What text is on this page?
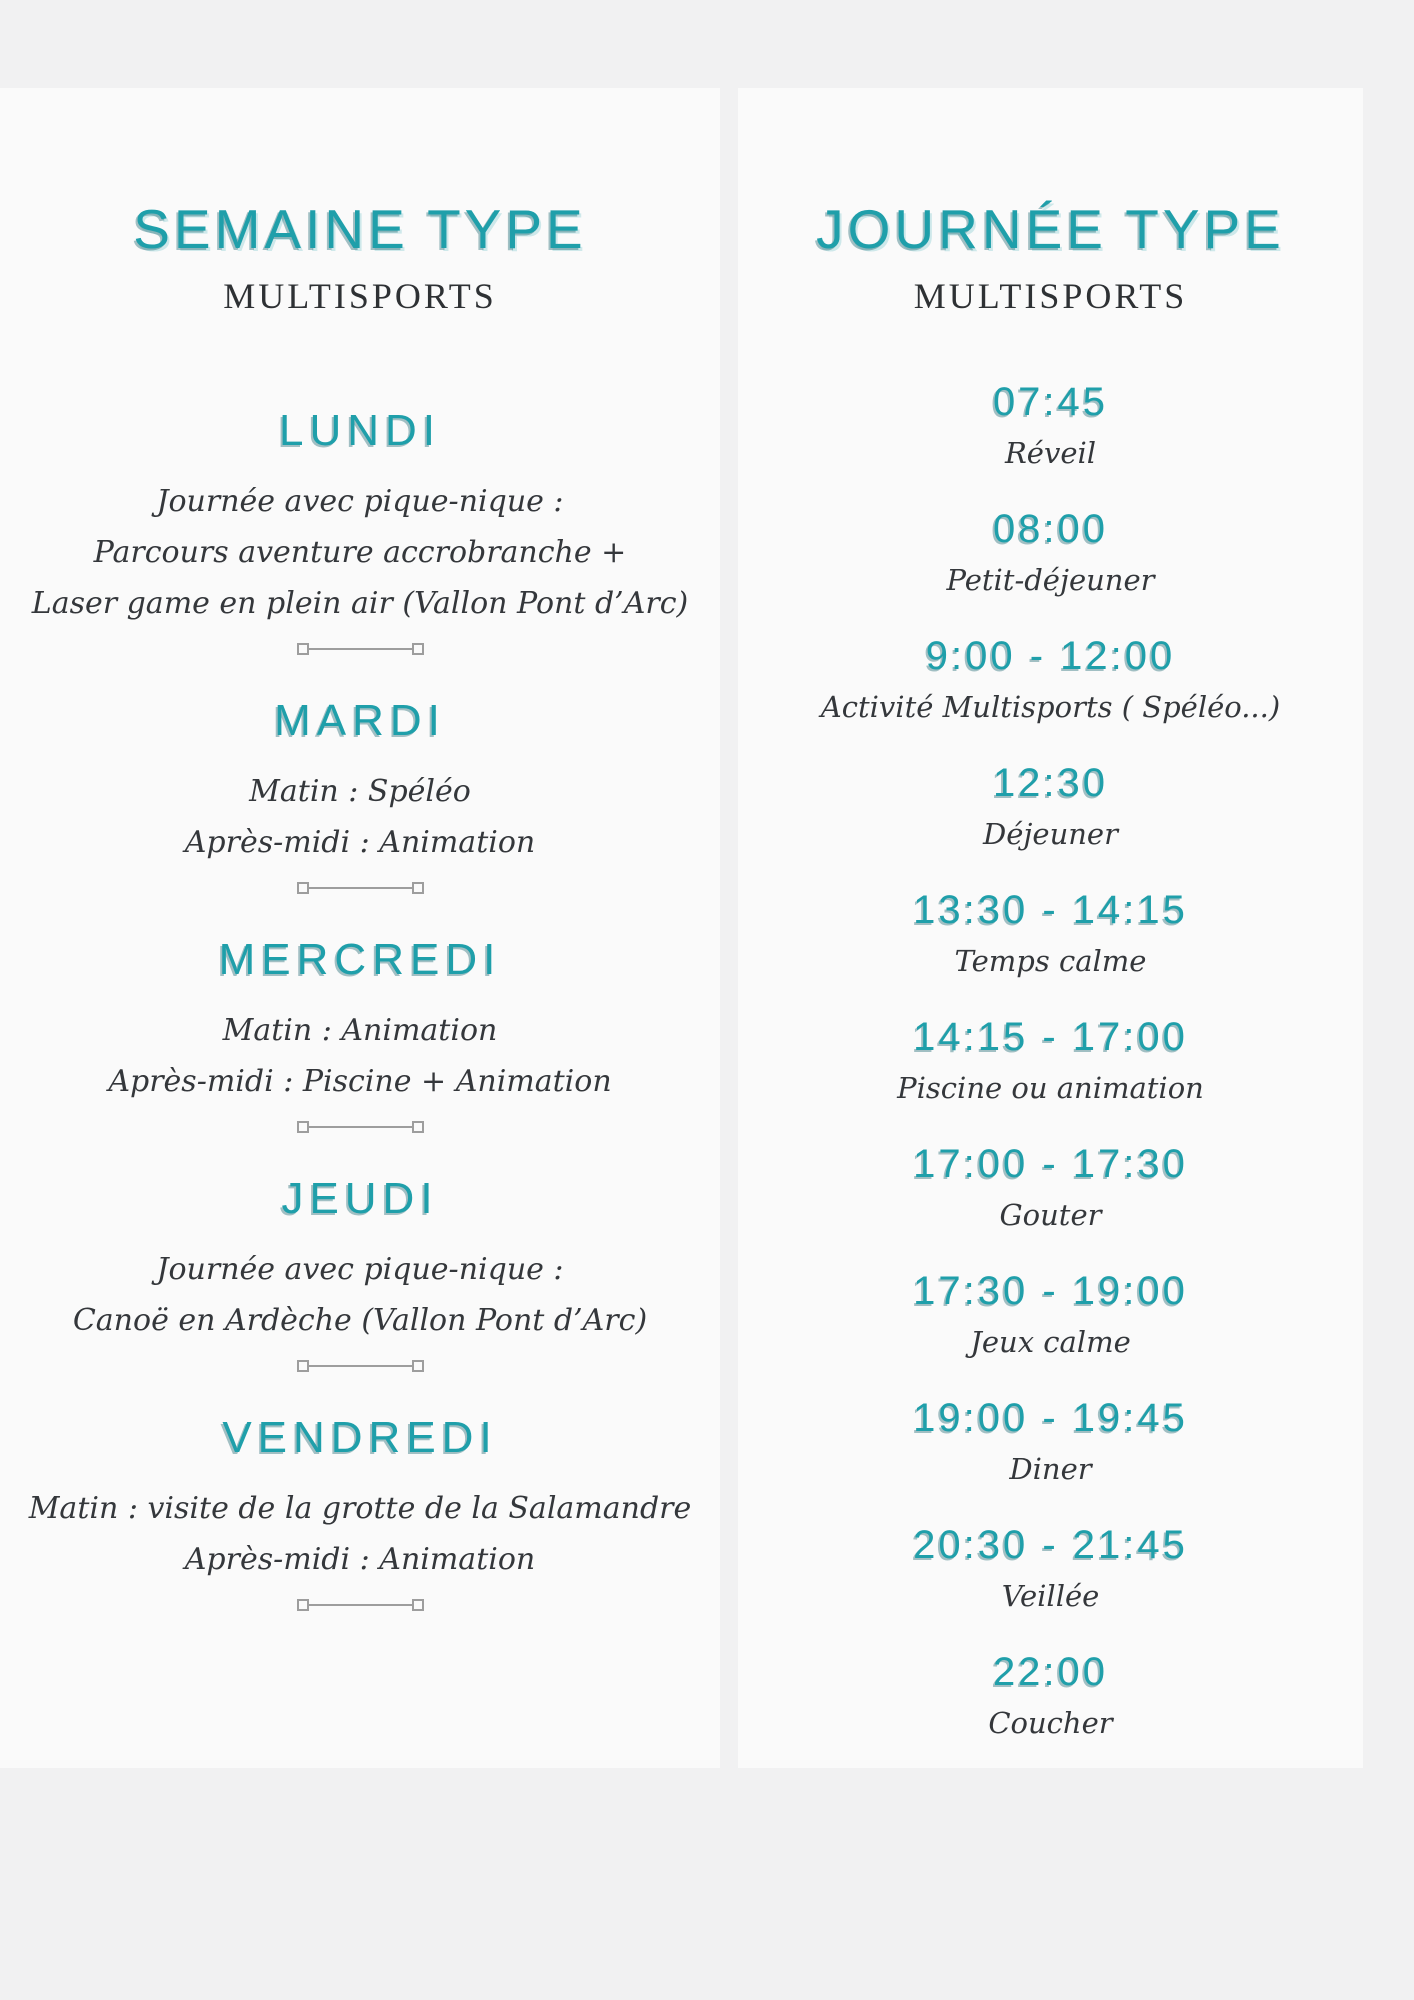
SEMAINE TYPE
MULTISPORTS
LUNDI
Journée avec pique-nique :
Parcours aventure accrobranche +
Laser game en plein air (Vallon Pont d’Arc)
MARDI
Matin : Spéléo
Après-midi : Animation
MERCREDI
Matin : Animation
Après-midi : Piscine + Animation
JEUDI
Journée avec pique-nique :
Canoë en Ardèche (Vallon Pont d’Arc)
VENDREDI
Matin : visite de la grotte de la Salamandre
Après-midi : Animation
JOURNÉE TYPE
MULTISPORTS
07:45
Réveil
08:00
Petit-déjeuner
9:00 - 12:00
Activité Multisports ( Spéléo...)
12:30
Déjeuner
13:30 - 14:15
Temps calme
14:15 - 17:00
Piscine ou animation
17:00 - 17:30
Gouter
17:30 - 19:00
Jeux calme
19:00 - 19:45
Diner
20:30 - 21:45
Veillée
22:00
Coucher
